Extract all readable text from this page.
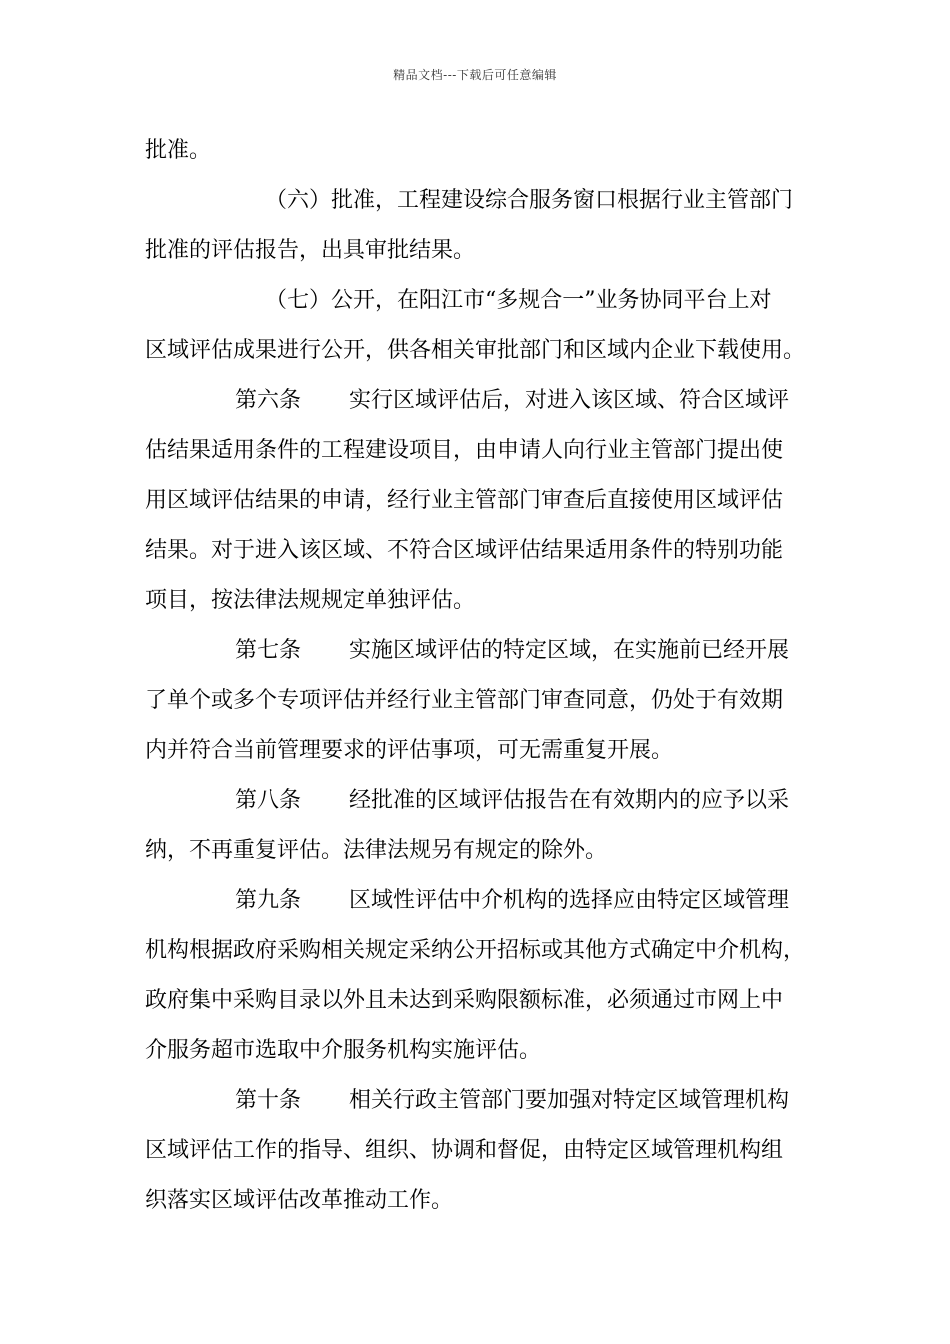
精品文档---下载后可任意编辑
批准。
（六）批准，工程建设综合服务窗口根据行业主管部门
批准的评估报告，出具审批结果。
（七）公开，在阳江市“多规合一”业务协同平台上对
区域评估成果进行公开，供各相关审批部门和区域内企业下载使用。
第六条 实行区域评估后，对进入该区域、符合区域评
估结果适用条件的工程建设项目，由申请人向行业主管部门提出使
用区域评估结果的申请，经行业主管部门审查后直接使用区域评估
结果。对于进入该区域、不符合区域评估结果适用条件的特别功能
项目，按法律法规规定单独评估。
第七条 实施区域评估的特定区域，在实施前已经开展
了单个或多个专项评估并经行业主管部门审查同意，仍处于有效期
内并符合当前管理要求的评估事项，可无需重复开展。
第八条 经批准的区域评估报告在有效期内的应予以采
纳，不再重复评估。法律法规另有规定的除外。
第九条 区域性评估中介机构的选择应由特定区域管理
机构根据政府采购相关规定采纳公开招标或其他方式确定中介机构，
政府集中采购目录以外且未达到采购限额标准，必须通过市网上中
介服务超市选取中介服务机构实施评估。
第十条 相关行政主管部门要加强对特定区域管理机构
区域评估工作的指导、组织、协调和督促，由特定区域管理机构组
织落实区域评估改革推动工作。
